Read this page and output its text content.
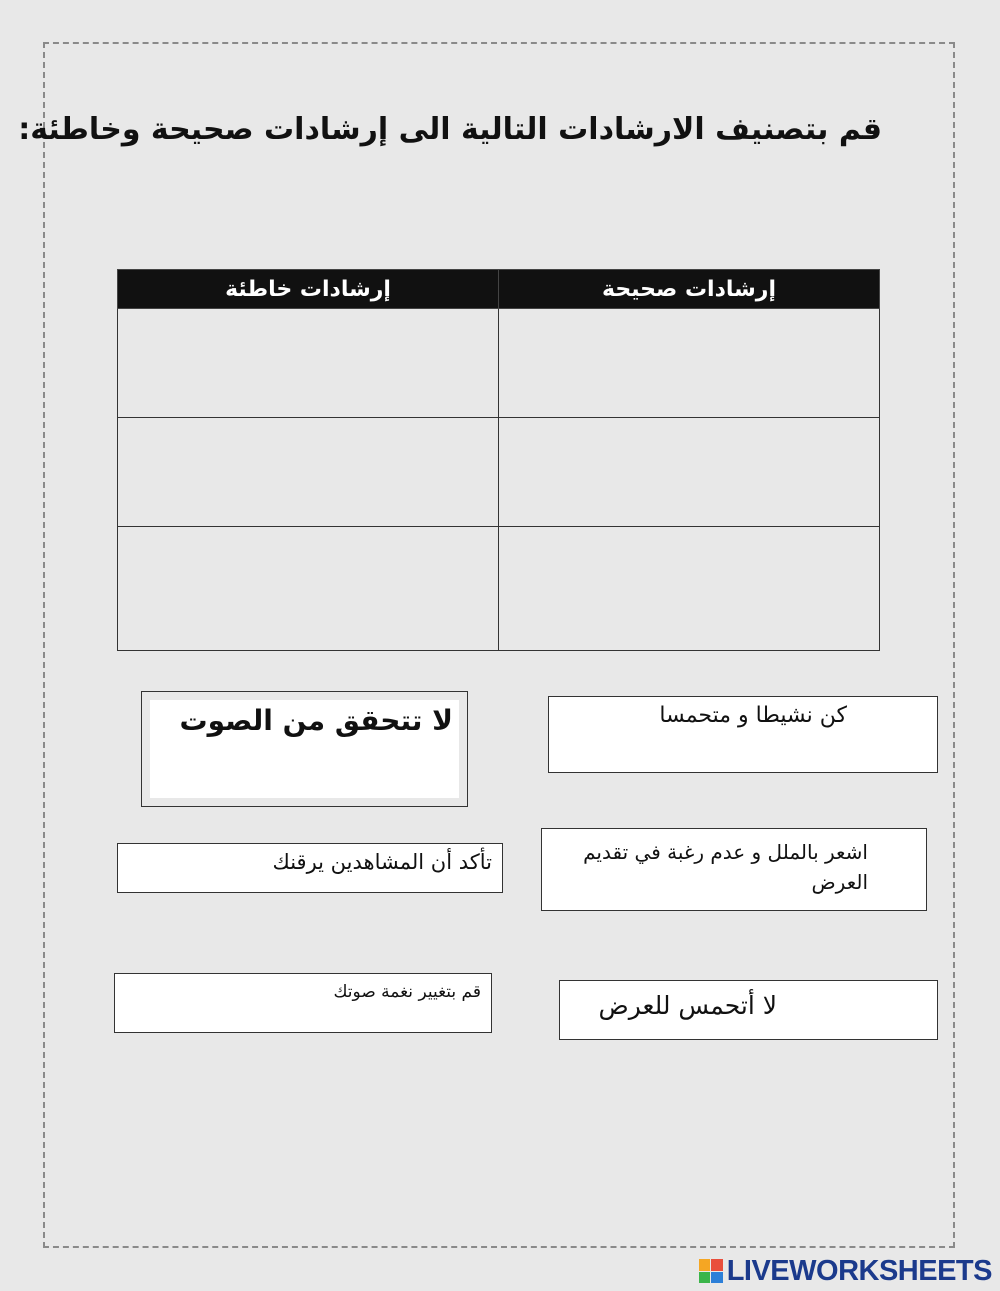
قم بتصنيف الارشادات التالية الى إرشادات صحيحة وخاطئة:
إرشادات صحيحة	إرشادات خاطئة

لا تتحقق من الصوت	كن نشيطا و متحمسا
تأكد أن المشاهدين يرقنك	اشعر بالملل و عدم رغبة في تقديم العرض
قم بتغيير نغمة صوتك	لا أتحمس للعرض
LIVEWORKSHEETS
